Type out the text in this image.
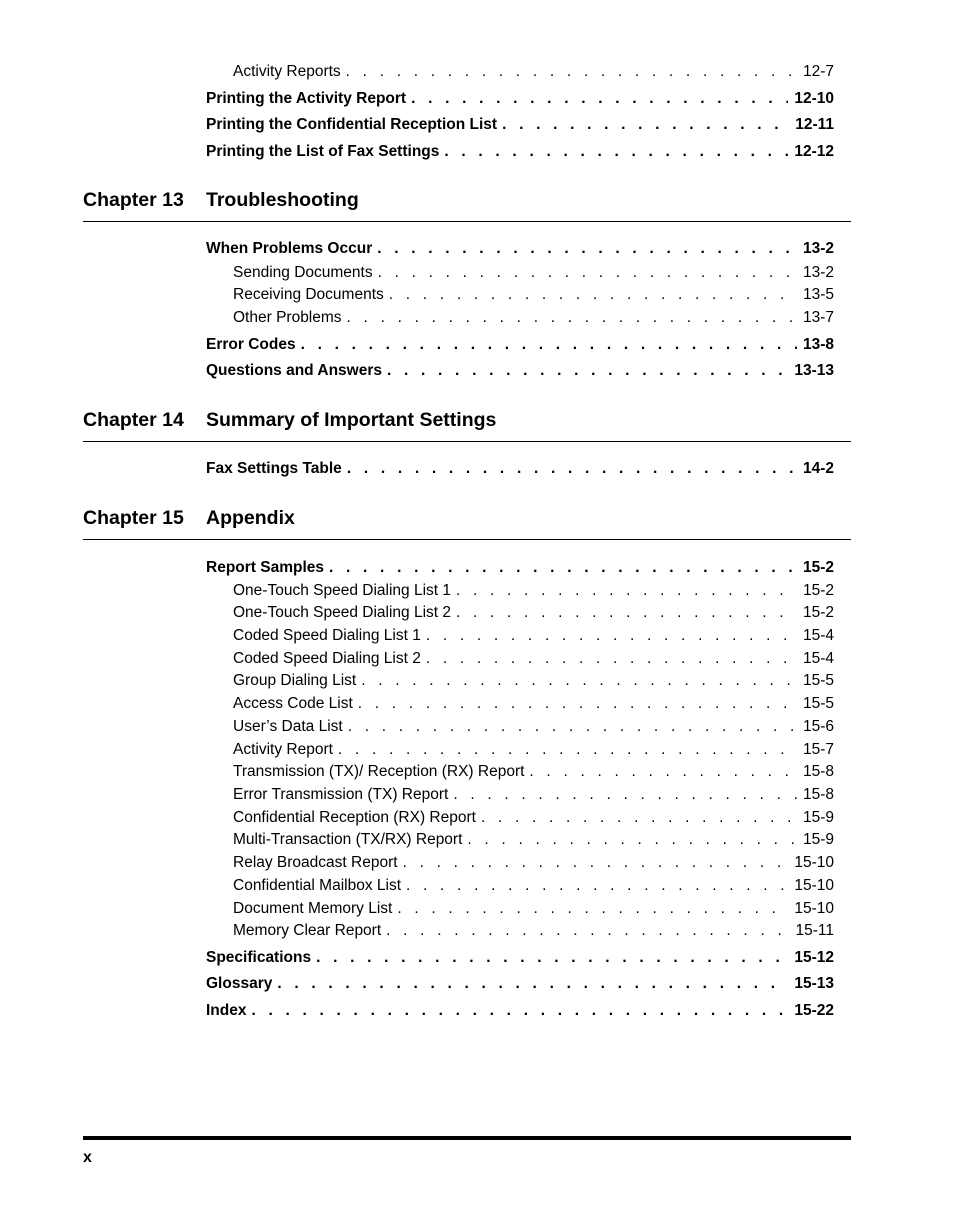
Activity Reports . . .	12-7
Printing the Activity Report . . .	12-10
Printing the Confidential Reception List . . .	12-11
Printing the List of Fax Settings . . .	12-12
Chapter 13 Troubleshooting
When Problems Occur . . .	13-2
Sending Documents . . .	13-2
Receiving Documents . . .	13-5
Other Problems . . .	13-7
Error Codes . . .	13-8
Questions and Answers . . .	13-13
Chapter 14 Summary of Important Settings
Fax Settings Table . . .	14-2
Chapter 15 Appendix
Report Samples . . .	15-2
One-Touch Speed Dialing List 1 . . .	15-2
One-Touch Speed Dialing List 2 . . .	15-2
Coded Speed Dialing List 1 . . .	15-4
Coded Speed Dialing List 2 . . .	15-4
Group Dialing List . . .	15-5
Access Code List . . .	15-5
User’s Data List . . .	15-6
Activity Report . . .	15-7
Transmission (TX)/ Reception (RX) Report . . .	15-8
Error Transmission (TX) Report . . .	15-8
Confidential Reception (RX) Report . . .	15-9
Multi-Transaction (TX/RX) Report . . .	15-9
Relay Broadcast Report . . .	15-10
Confidential Mailbox List . . .	15-10
Document Memory List . . .	15-10
Memory Clear Report . . .	15-11
Specifications . . .	15-12
Glossary . . .	15-13
Index . . .	15-22
x
